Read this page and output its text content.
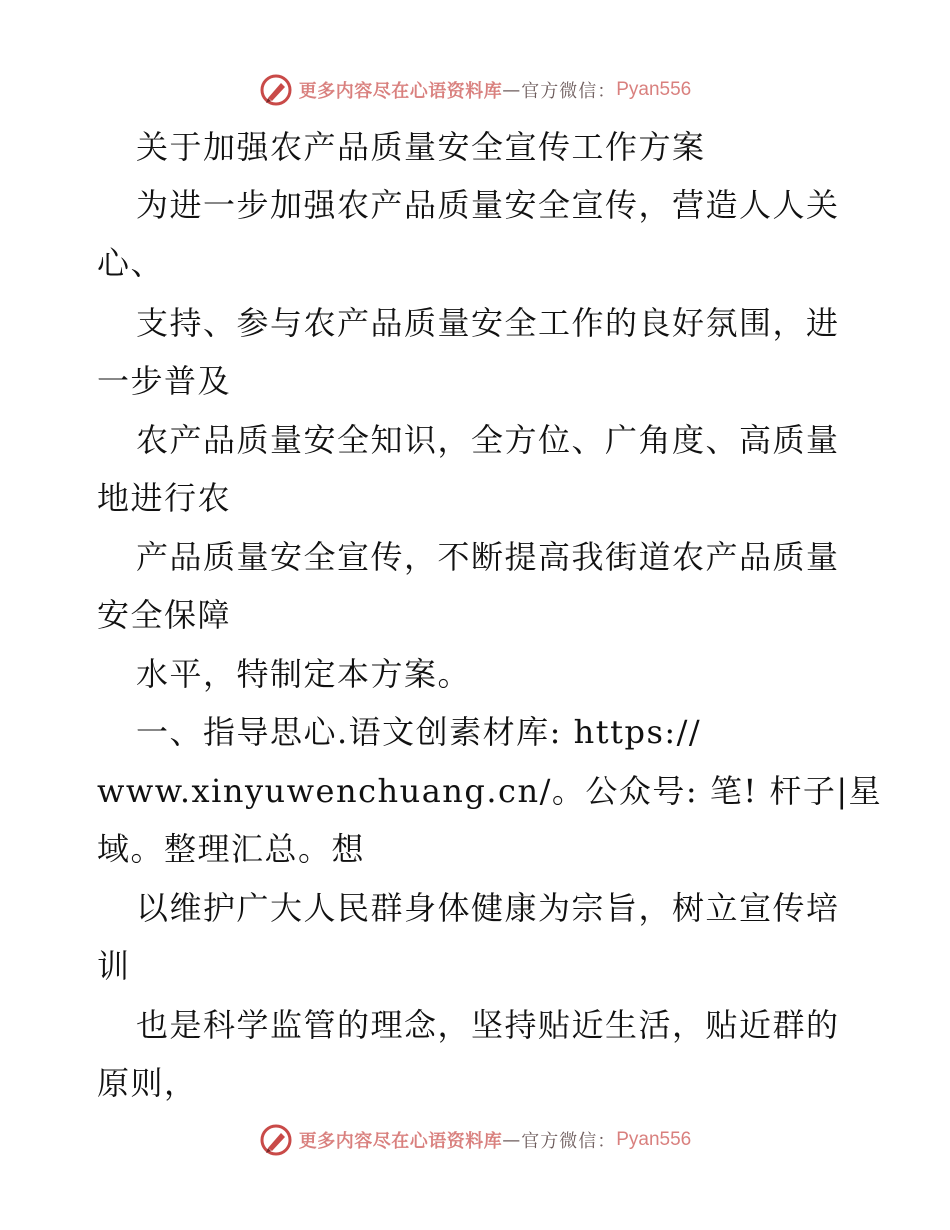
更多内容尽在心语资料库 — 官方微信： Pyan556
关于加强农产品质量安全宣传工作方案
为进一步加强农产品质量安全宣传，营造人人关
心、
支持、参与农产品质量安全工作的良好氛围，进
一步普及
农产品质量安全知识，全方位、广角度、高质量
地进行农
产品质量安全宣传，不断提高我街道农产品质量
安全保障
水平，特制定本方案。
一、指导思心.语文创素材库: https://
www.xinyuwenchuang.cn/。公众号: 笔! 杆子|星
域。整理汇总。想
以维护广大人民群身体健康为宗旨，树立宣传培
训
也是科学监管的理念，坚持贴近生活，贴近群的
原则，
更多内容尽在心语资料库 — 官方微信： Pyan556
